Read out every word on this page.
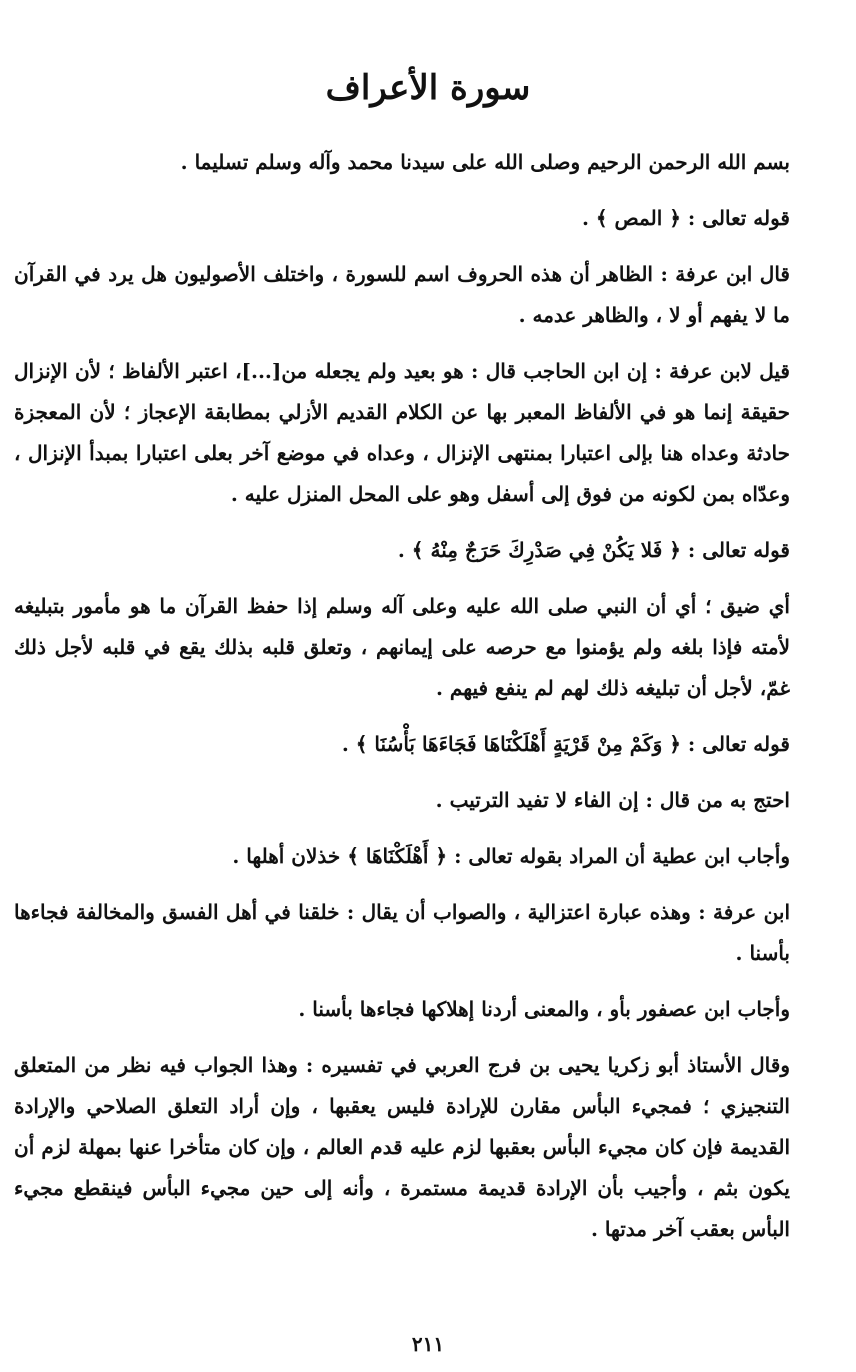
سورة الأعراف

بسم الله الرحمن الرحيم وصلى الله على سيدنا محمد وآله وسلم تسليما .

قوله تعالى : ﴿ المص ﴾ .

قال ابن عرفة : الظاهر أن هذه الحروف اسم للسورة ، واختلف الأصوليون هل يرد في القرآن ما لا يفهم أو لا ، والظاهر عدمه .

قيل لابن عرفة : إن ابن الحاجب قال : هو بعيد ولم يجعله من[...]، اعتبر الألفاظ ؛ لأن الإنزال حقيقة إنما هو في الألفاظ المعبر بها عن الكلام القديم الأزلي بمطابقة الإعجاز ؛ لأن المعجزة حادثة وعداه هنا بإلى اعتبارا بمنتهى الإنزال ، وعداه في موضع آخر بعلى اعتبارا بمبدأ الإنزال ، وعدّاه بمن لكونه من فوق إلى أسفل وهو على المحل المنزل عليه .

قوله تعالى : ﴿ فَلا يَكُنْ فِي صَدْرِكَ حَرَجٌ مِنْهُ ﴾ .

أي ضيق ؛ أي أن النبي صلى الله عليه وعلى آله وسلم إذا حفظ القرآن ما هو مأمور بتبليغه لأمته فإذا بلغه ولم يؤمنوا مع حرصه على إيمانهم ، وتعلق قلبه بذلك يقع في قلبه لأجل ذلك غمّ، لأجل أن تبليغه ذلك لهم لم ينفع فيهم .

قوله تعالى : ﴿ وَكَمْ مِنْ قَرْيَةٍ أَهْلَكْنَاهَا فَجَاءَهَا بَأْسُنَا ﴾ .

احتج به من قال : إن الفاء لا تفيد الترتيب .

وأجاب ابن عطية أن المراد بقوله تعالى : ﴿ أَهْلَكْنَاهَا ﴾ خذلان أهلها .

ابن عرفة : وهذه عبارة اعتزالية ، والصواب أن يقال : خلقنا في أهل الفسق والمخالفة فجاءها بأسنا .

وأجاب ابن عصفور بأو ، والمعنى أردنا إهلاكها فجاءها بأسنا .

وقال الأستاذ أبو زكريا يحيى بن فرج العربي في تفسيره : وهذا الجواب فيه نظر من المتعلق التنجيزي ؛ فمجيء البأس مقارن للإرادة فليس يعقبها ، وإن أراد التعلق الصلاحي والإرادة القديمة فإن كان مجيء البأس بعقبها لزم عليه قدم العالم ، وإن كان متأخرا عنها بمهلة لزم أن يكون بثم ، وأجيب بأن الإرادة قديمة مستمرة ، وأنه إلى حين مجيء البأس فينقطع مجيء البأس بعقب آخر مدتها .

٢١١
